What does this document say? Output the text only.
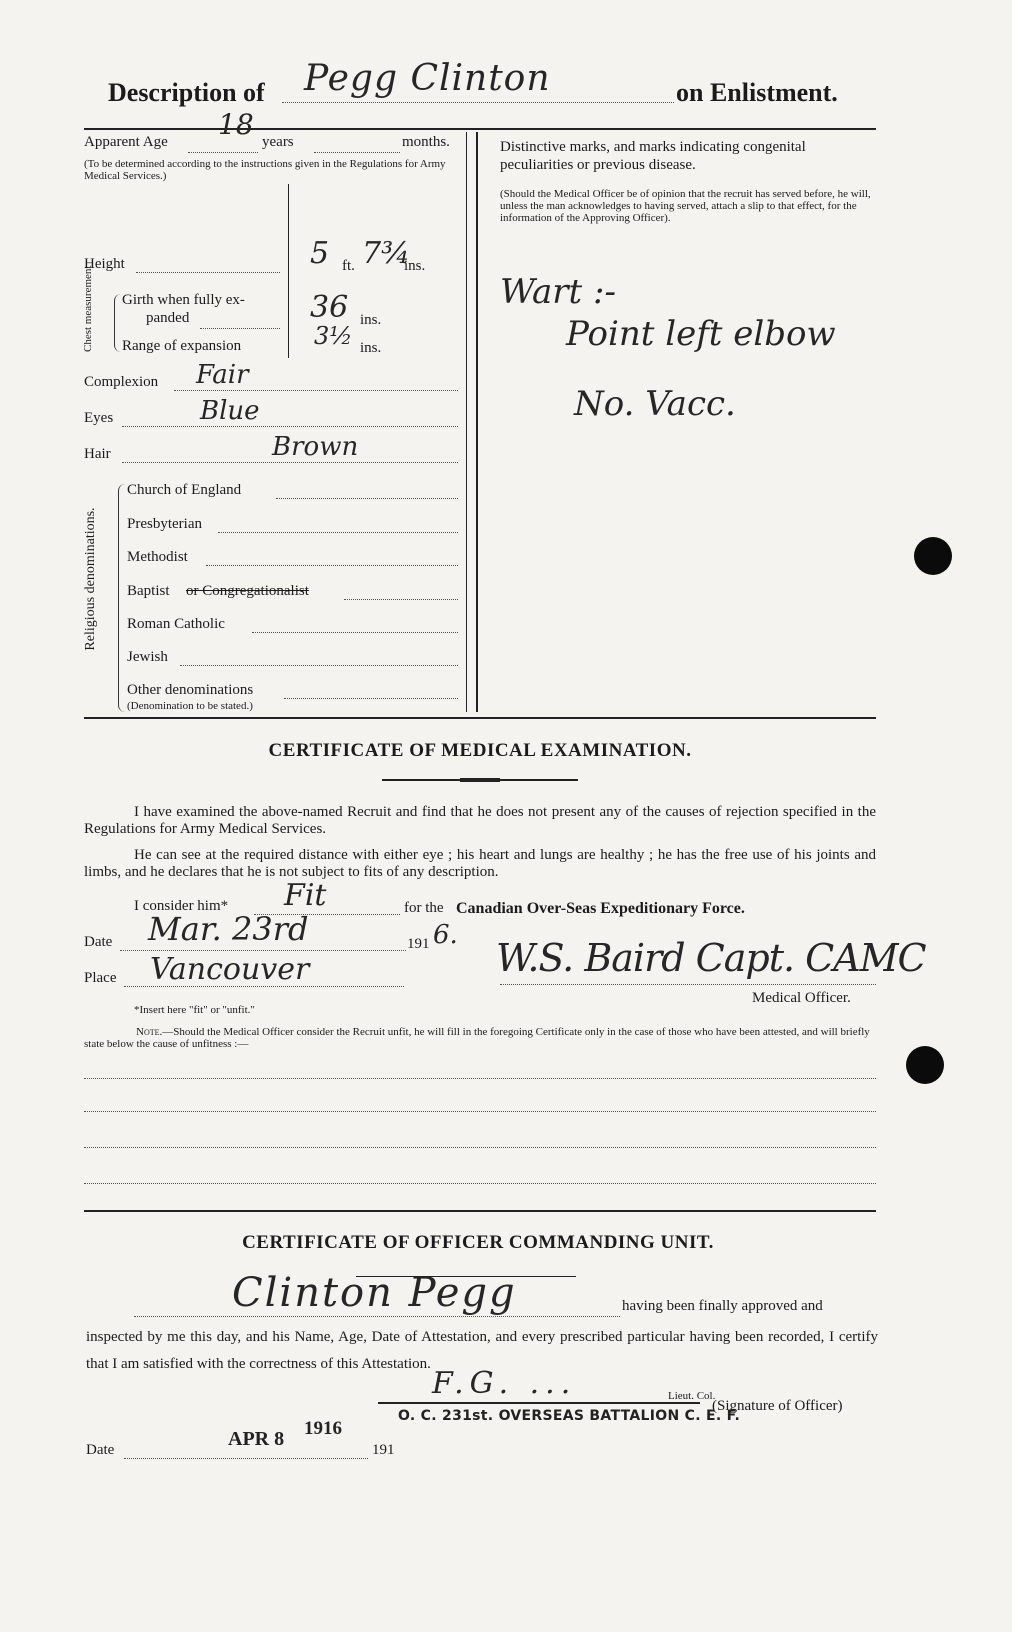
Description of Pegg Clinton	on Enlistment.
Apparent Age
18
years	months.
(To be determined according to the instructions given in the Regulations for Army Medical Services.)
Height	5 ft. 7¾
ins.
Chest measurement Girth when fully ex-
panded	36 ins.
Range of expansion	3½ ins.
Complexion Fair
Eyes	Blue
Hair	Brown
Religious denominations.
Church of England
Presbyterian
Methodist
Baptist or Congregationalist
Roman Catholic
Jewish
Other denominations
(Denomination to be stated.)
Distinctive marks, and marks indicating congenital peculiarities or previous disease.
(Should the Medical Officer be of opinion that the recruit has served before, he will, unless the man acknowledges to having served, attach a slip to that effect, for the information of the Approving Officer).
Wart :-
Point left elbow
No. Vacc.
CERTIFICATE OF MEDICAL EXAMINATION.
I have examined the above-named Recruit and find that he does not present any of the causes of rejection specified in the Regulations for Army Medical Services.
He can see at the required distance with either eye ; his heart and lungs are healthy ; he has the free use of his joints and limbs, and he declares that he is not subject to fits of any description.
I consider him* Fit	for the Canadian Over-Seas Expeditionary Force.
Date Mar. 23rd	191 6.
Place Vancouver	W.S. Baird Capt. CAMC
Medical Officer.
*Insert here "fit" or "unfit."
Note.—Should the Medical Officer consider the Recruit unfit, he will fill in the foregoing Certificate only in the case of those who have been attested, and will briefly state below the cause of unfitness :—
CERTIFICATE OF OFFICER COMMANDING UNIT.
Clinton Pegg	having been finally approved and
inspected by me this day, and his Name, Age, Date of Attestation, and every prescribed particular having been recorded, I certify that I am satisfied with the correctness of this Attestation.
F.G. ...	Lieut. Col.
O. C. 231st. OVERSEAS BATTALION C. E. F.
(Signature of Officer)
Date	APR 8 1916
191
